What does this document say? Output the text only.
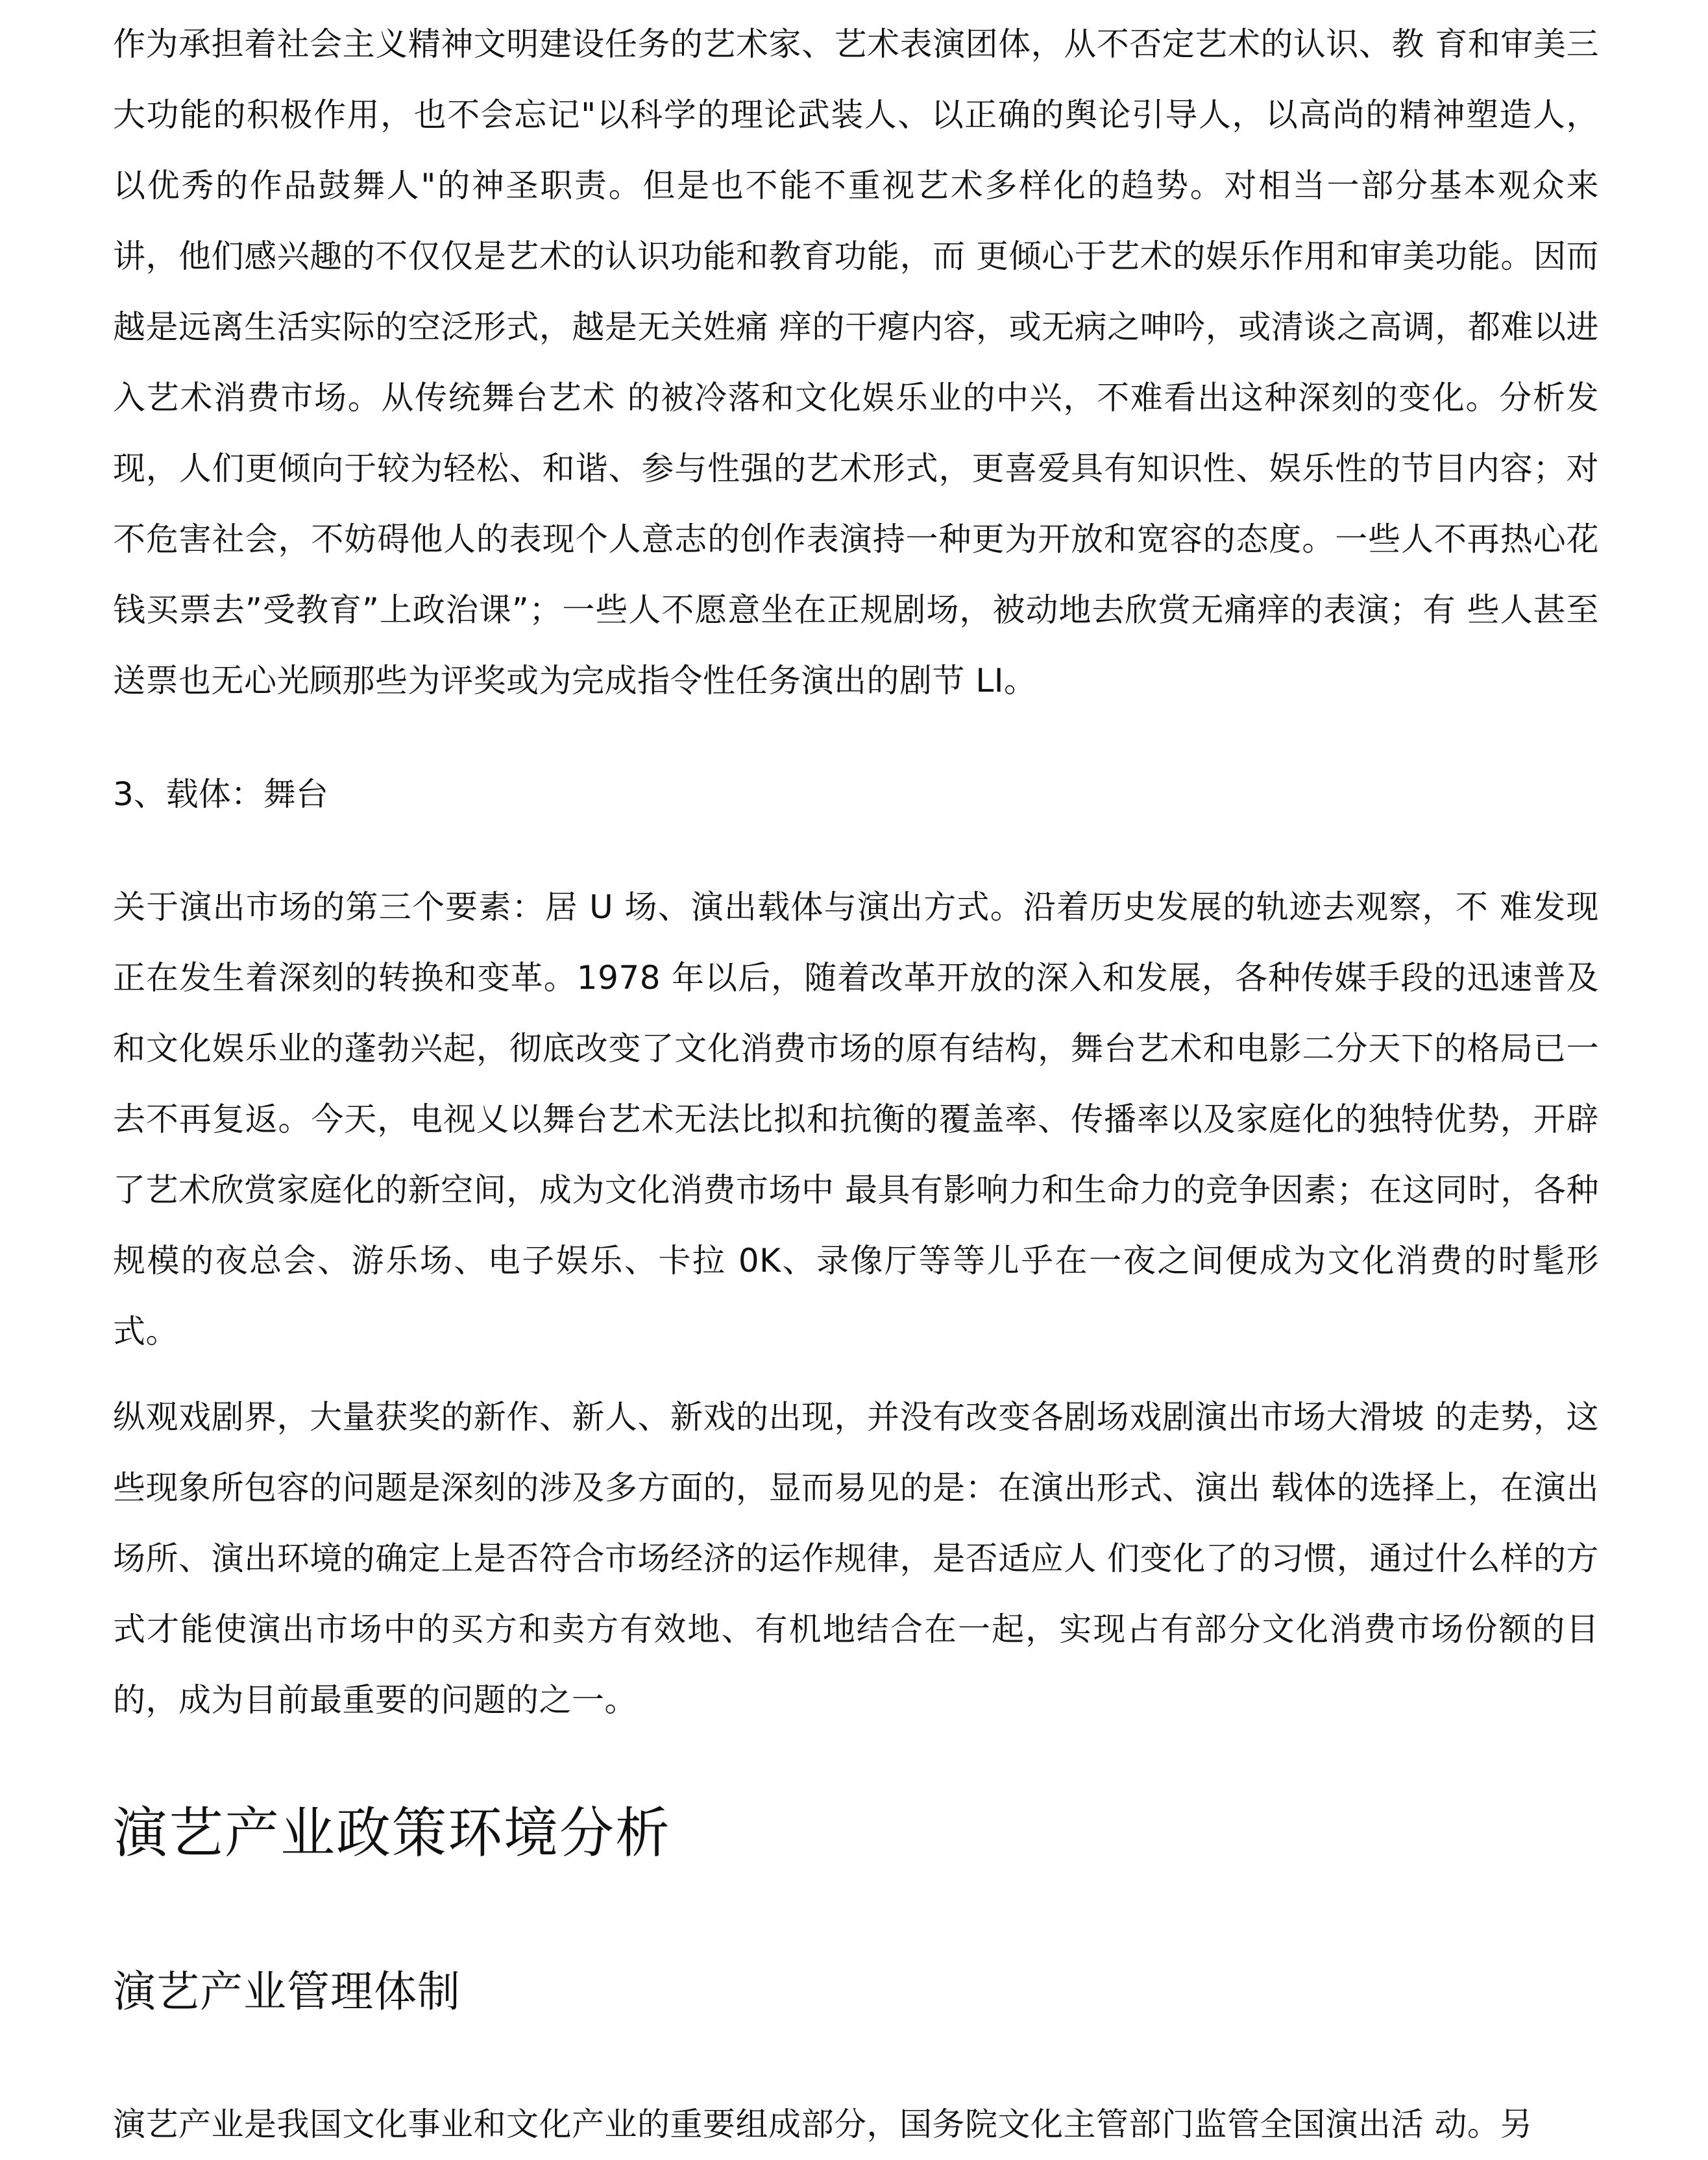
作为承担着社会主义精神文明建设任务的艺术家、艺术表演团体，从不否定艺术的认识、教 育和审美三大功能的积极作用，也不会忘记"以科学的理论武装人、以正确的舆论引导人，以高尚的精神塑造人，以优秀的作品鼓舞人"的神圣职责。但是也不能不重视艺术多样化的趋势。对相当一部分基本观众来讲，他们感兴趣的不仅仅是艺术的认识功能和教育功能，而 更倾心于艺术的娱乐作用和审美功能。因而越是远离生活实际的空泛形式，越是无关姓痛 痒的干瘪内容，或无病之呻吟，或清谈之高调，都难以进入艺术消费市场。从传统舞台艺术 的被冷落和文化娱乐业的中兴，不难看出这种深刻的变化。分析发现，人们更倾向于较为轻松、和谐、参与性强的艺术形式，更喜爱具有知识性、娱乐性的节目内容；对不危害社会，不妨碍他人的表现个人意志的创作表演持一种更为开放和宽容的态度。一些人不再热心花钱买票去”受教育”上政治课”；一些人不愿意坐在正规剧场，被动地去欣赏无痛痒的表演；有 些人甚至送票也无心光顾那些为评奖或为完成指令性任务演出的剧节 LI。

3、载体：舞台

关于演出市场的第三个要素：居 U 场、演出载体与演出方式。沿着历史发展的轨迹去观察，不 难发现正在发生着深刻的转换和变革。1978 年以后，随着改革开放的深入和发展，各种传媒手段的迅速普及和文化娱乐业的蓬勃兴起，彻底改变了文化消费市场的原有结构，舞台艺术和电影二分天下的格局已一去不再复返。今天，电视乂以舞台艺术无法比拟和抗衡的覆盖率、传播率以及家庭化的独特优势，开辟了艺术欣赏家庭化的新空间，成为文化消费市场中 最具有影响力和生命力的竞争因素；在这同时，各种规模的夜总会、游乐场、电子娱乐、卡拉 0K、录像厅等等儿乎在一夜之间便成为文化消费的时髦形式。

纵观戏剧界，大量获奖的新作、新人、新戏的出现，并没有改变各剧场戏剧演出市场大滑坡 的走势，这些现象所包容的问题是深刻的涉及多方面的，显而易见的是：在演出形式、演出 载体的选择上，在演出场所、演出环境的确定上是否符合市场经济的运作规律，是否适应人 们变化了的习惯，通过什么样的方式才能使演出市场中的买方和卖方有效地、有机地结合在一起，实现占有部分文化消费市场份额的目的，成为目前最重要的问题的之一。

演艺产业政策环境分析
演艺产业管理体制

演艺产业是我国文化事业和文化产业的重要组成部分，国务院文化主管部门监管全国演出活 动。另
